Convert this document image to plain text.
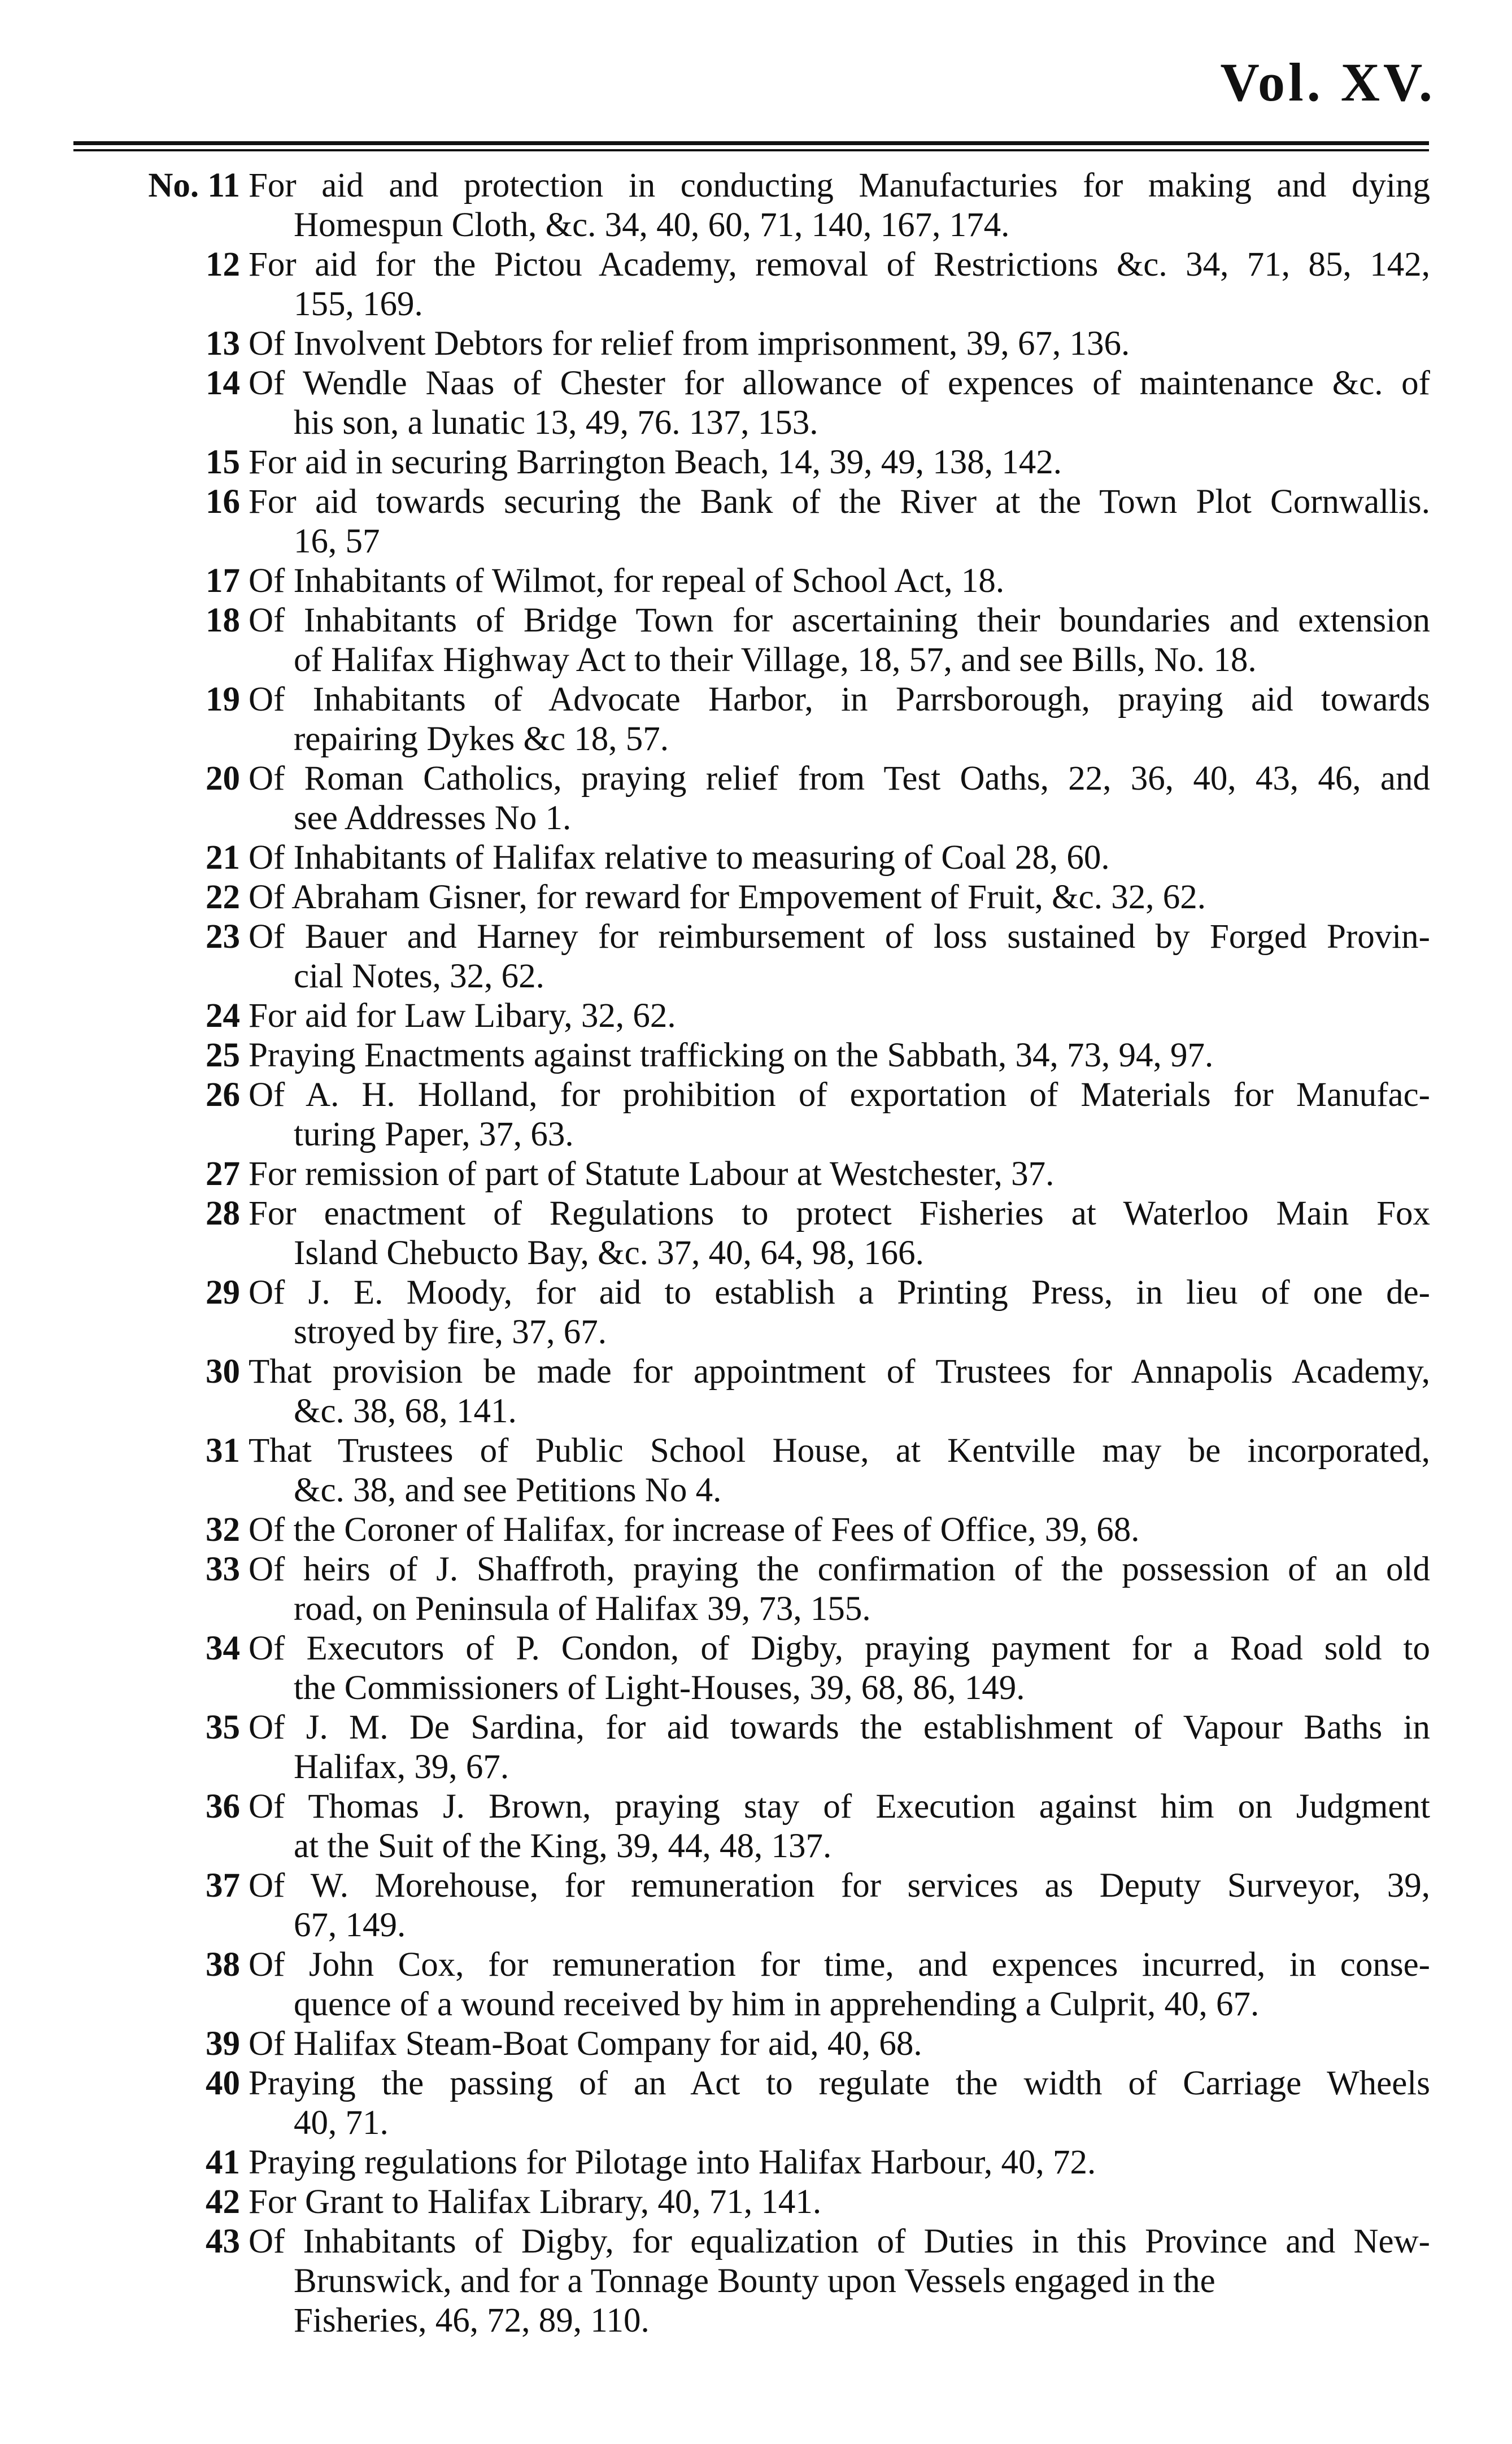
Vol. XV.
No. 11 For aid and protection in conducting Manufacturies for making and dying
Homespun Cloth, &c. 34, 40, 60, 71, 140, 167, 174.
12 For aid for the Pictou Academy, removal of Restrictions &c. 34, 71, 85, 142,
155, 169.
13 Of Involvent Debtors for relief from imprisonment, 39, 67, 136.
14 Of Wendle Naas of Chester for allowance of expences of maintenance &c. of
his son, a lunatic 13, 49, 76. 137, 153.
15 For aid in securing Barrington Beach, 14, 39, 49, 138, 142.
16 For aid towards securing the Bank of the River at the Town Plot Cornwallis.
16, 57
17 Of Inhabitants of Wilmot, for repeal of School Act, 18.
18 Of Inhabitants of Bridge Town for ascertaining their boundaries and extension
of Halifax Highway Act to their Village, 18, 57, and see Bills, No. 18.
19 Of Inhabitants of Advocate Harbor, in Parrsborough, praying aid towards
repairing Dykes &c 18, 57.
20 Of Roman Catholics, praying relief from Test Oaths, 22, 36, 40, 43, 46, and
see Addresses No 1.
21 Of Inhabitants of Halifax relative to measuring of Coal 28, 60.
22 Of Abraham Gisner, for reward for Empovement of Fruit, &c. 32, 62.
23 Of Bauer and Harney for reimbursement of loss sustained by Forged Provin-
cial Notes, 32, 62.
24 For aid for Law Libary, 32, 62.
25 Praying Enactments against trafficking on the Sabbath, 34, 73, 94, 97.
26 Of A. H. Holland, for prohibition of exportation of Materials for Manufac-
turing Paper, 37, 63.
27 For remission of part of Statute Labour at Westchester, 37.
28 For enactment of Regulations to protect Fisheries at Waterloo Main Fox
Island Chebucto Bay, &c. 37, 40, 64, 98, 166.
29 Of J. E. Moody, for aid to establish a Printing Press, in lieu of one de-
stroyed by fire, 37, 67.
30 That provision be made for appointment of Trustees for Annapolis Academy,
&c. 38, 68, 141.
31 That Trustees of Public School House, at Kentville may be incorporated,
&c. 38, and see Petitions No 4.
32 Of the Coroner of Halifax, for increase of Fees of Office, 39, 68.
33 Of heirs of J. Shaffroth, praying the confirmation of the possession of an old
road, on Peninsula of Halifax 39, 73, 155.
34 Of Executors of P. Condon, of Digby, praying payment for a Road sold to
the Commissioners of Light-Houses, 39, 68, 86, 149.
35 Of J. M. De Sardina, for aid towards the establishment of Vapour Baths in
Halifax, 39, 67.
36 Of Thomas J. Brown, praying stay of Execution against him on Judgment
at the Suit of the King, 39, 44, 48, 137.
37 Of W. Morehouse, for remuneration for services as Deputy Surveyor, 39,
67, 149.
38 Of John Cox, for remuneration for time, and expences incurred, in conse-
quence of a wound received by him in apprehending a Culprit, 40, 67.
39 Of Halifax Steam-Boat Company for aid, 40, 68.
40 Praying the passing of an Act to regulate the width of Carriage Wheels
40, 71.
41 Praying regulations for Pilotage into Halifax Harbour, 40, 72.
42 For Grant to Halifax Library, 40, 71, 141.
43 Of Inhabitants of Digby, for equalization of Duties in this Province and New-
Brunswick, and for a Tonnage Bounty upon Vessels engaged in the
Fisheries, 46, 72, 89, 110.
